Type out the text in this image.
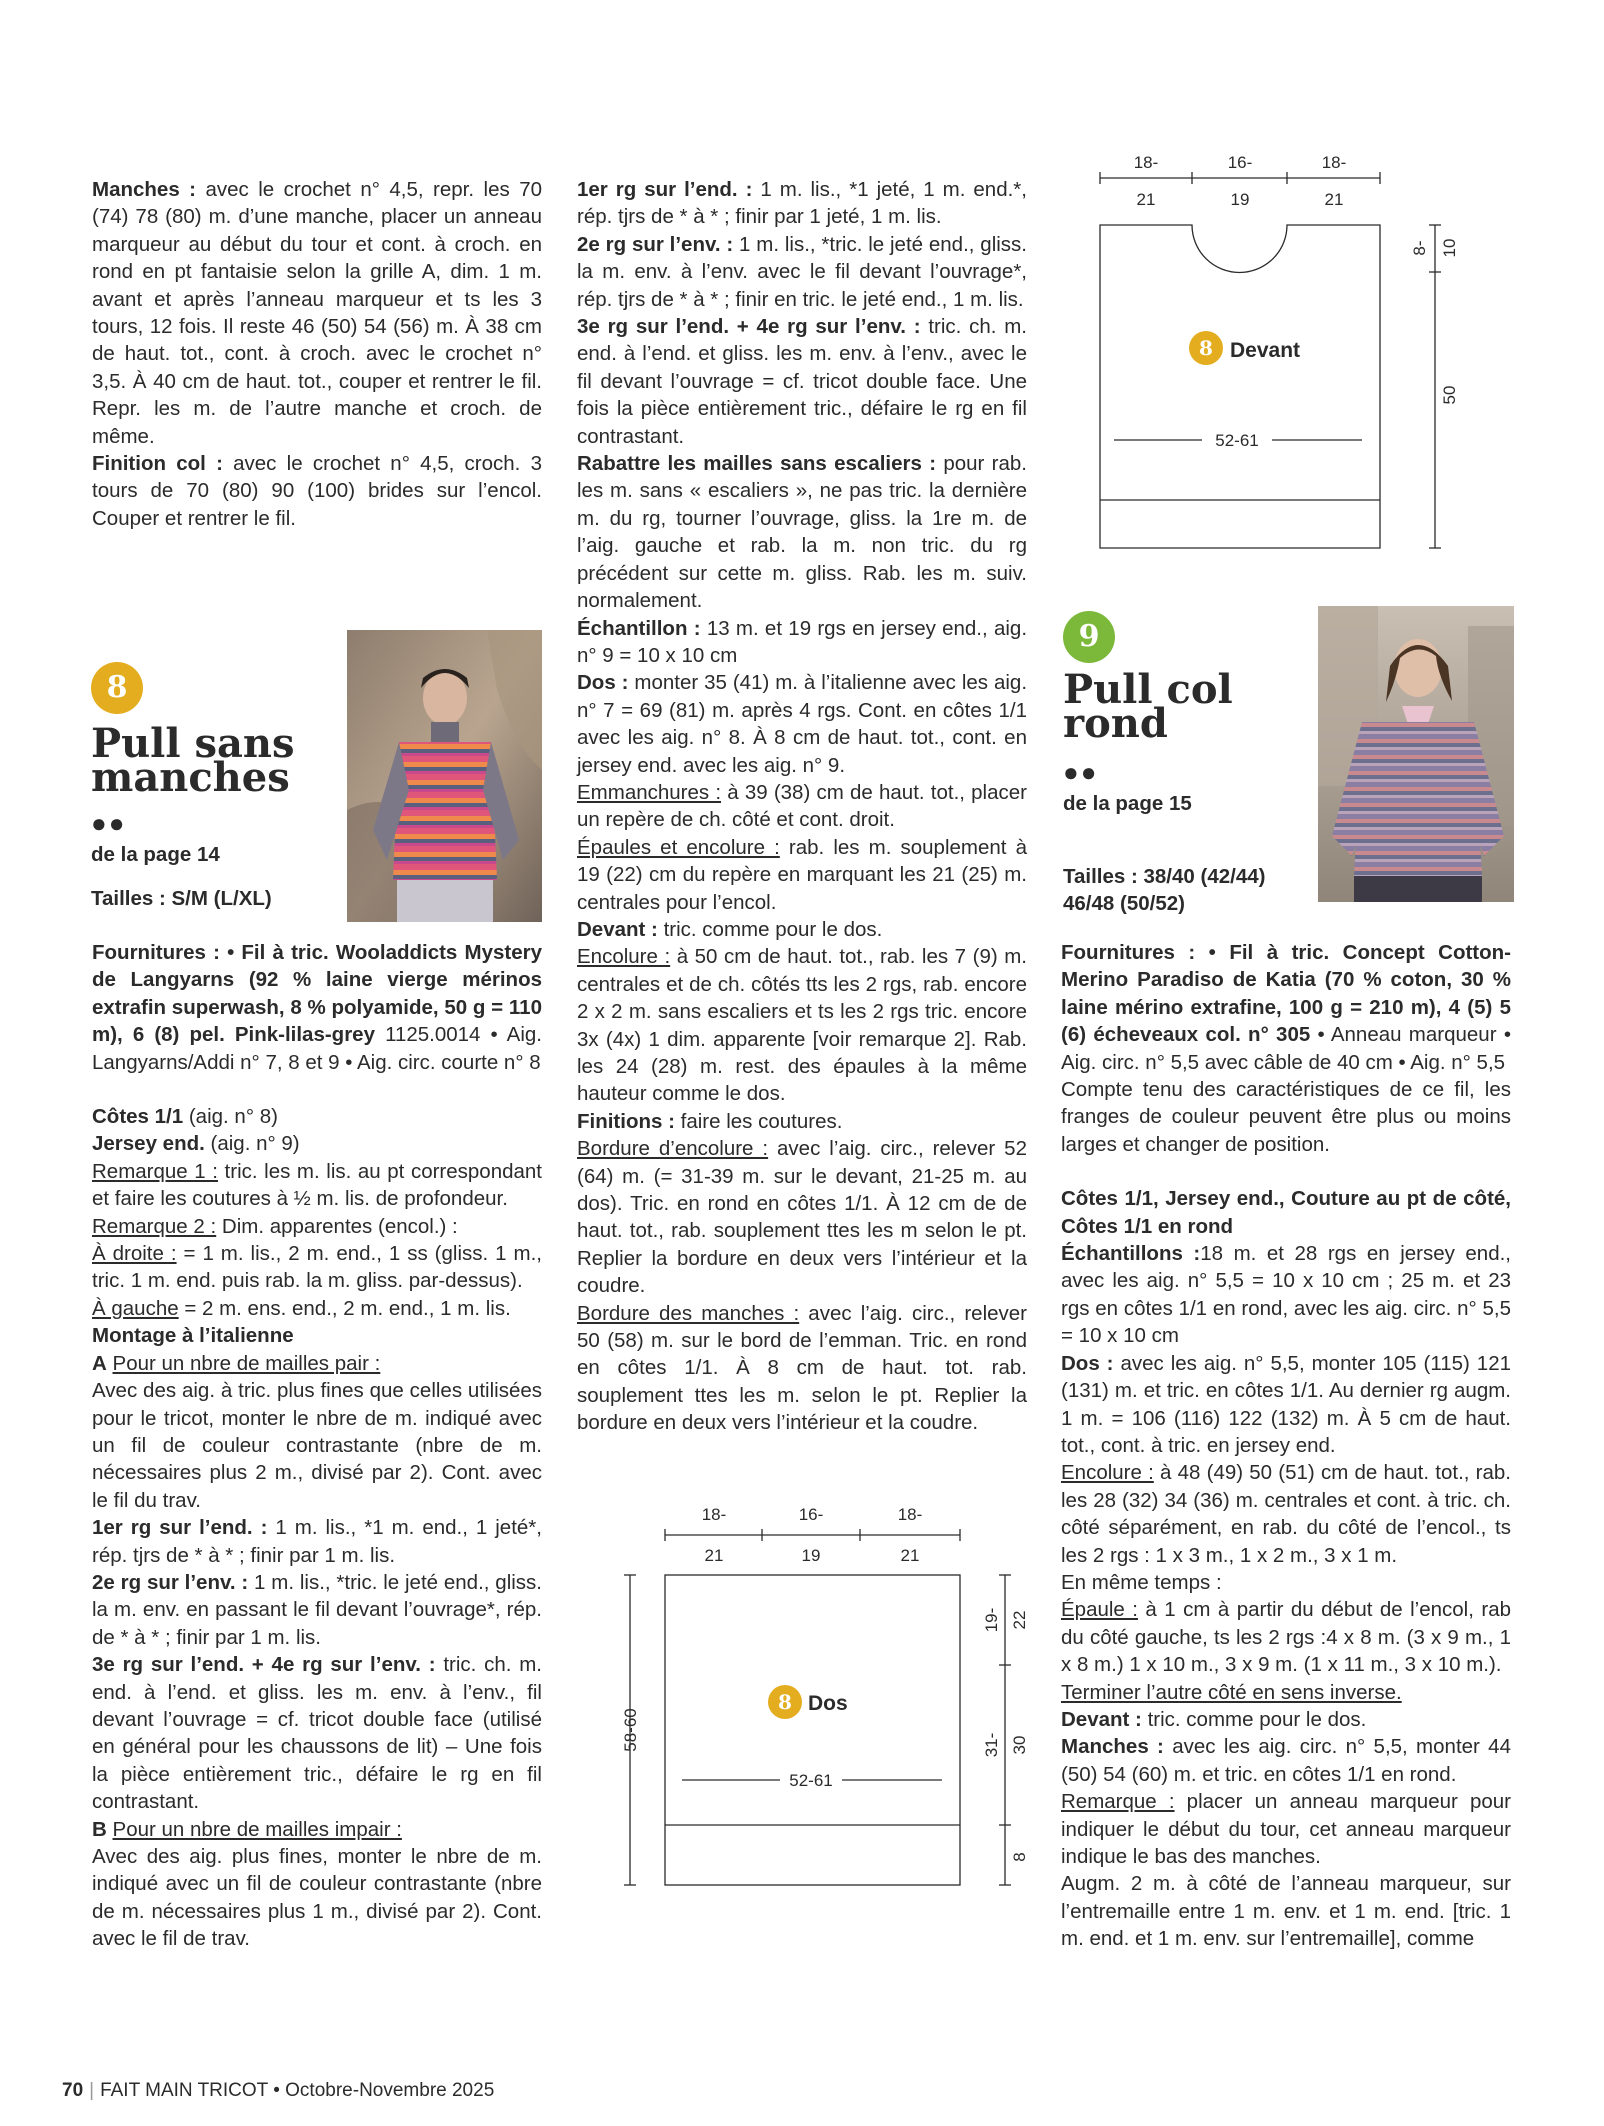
Manches : avec le crochet n° 4,5, repr. les 70 (74) 78 (80) m. d’une manche, placer un anneau marqueur au début du tour et cont. à croch. en rond en pt fantaisie selon la grille A, dim. 1 m. avant et après l’anneau marqueur et ts les 3 tours, 12 fois. Il reste 46 (50) 54 (56) m. À 38 cm de haut. tot., cont. à croch. avec le crochet n° 3,5. À 40 cm de haut. tot., couper et rentrer le fil. Repr. les m. de l’autre manche et croch. de même.

Finition col : avec le crochet n° 4,5, croch. 3 tours de 70 (80) 90 (100) brides sur l’encol. Couper et rentrer le fil.

8
Pull sans
manches
●●
de la page 14
Tailles : S/M (L/XL)

Fournitures : • Fil à tric. Wooladdicts Mystery de Langyarns (92 % laine vierge mérinos extrafin superwash, 8 % polyamide, 50 g = 110 m), 6 (8) pel. Pink-lilas-grey 1125.0014 • Aig. Langyarns/Addi n° 7, 8 et 9 • Aig. circ. courte n° 8

Côtes 1/1 (aig. n° 8)

Jersey end. (aig. n° 9)

Remarque 1 : tric. les m. lis. au pt correspondant et faire les coutures à ½ m. lis. de profondeur.

Remarque 2 : Dim. apparentes (encol.) :

À droite : = 1 m. lis., 2 m. end., 1 ss (gliss. 1 m., tric. 1 m. end. puis rab. la m. gliss. par-dessus).

À gauche = 2 m. ens. end., 2 m. end., 1 m. lis.

Montage à l’italienne

A Pour un nbre de mailles pair :

Avec des aig. à tric. plus fines que celles utilisées pour le tricot, monter le nbre de m. indiqué avec un fil de couleur contrastante (nbre de m. nécessaires plus 2 m., divisé par 2). Cont. avec le fil du trav.

1er rg sur l’end. : 1 m. lis., *1 m. end., 1 jeté*, rép. tjrs de * à * ; finir par 1 m. lis.

2e rg sur l’env. : 1 m. lis., *tric. le jeté end., gliss. la m. env. en passant le fil devant l’ouvrage*, rép. de * à * ; finir par 1 m. lis.

3e rg sur l’end. + 4e rg sur l’env. : tric. ch. m. end. à l’end. et gliss. les m. env. à l’env., fil devant l’ouvrage = cf. tricot double face (utilisé en général pour les chaussons de lit) – Une fois la pièce entièrement tric., défaire le rg en fil contrastant.

B Pour un nbre de mailles impair :

Avec des aig. plus fines, monter le nbre de m. indiqué avec un fil de couleur contrastante (nbre de m. nécessaires plus 1 m., divisé par 2). Cont. avec le fil de trav.

1er rg sur l’end. : 1 m. lis., *1 jeté, 1 m. end.*, rép. tjrs de * à * ; finir par 1 jeté, 1 m. lis.

2e rg sur l’env. : 1 m. lis., *tric. le jeté end., gliss. la m. env. à l’env. avec le fil devant l’ouvrage*, rép. tjrs de * à * ; finir en tric. le jeté end., 1 m. lis.

3e rg sur l’end. + 4e rg sur l’env. : tric. ch. m. end. à l’end. et gliss. les m. env. à l’env., avec le fil devant l’ouvrage = cf. tricot double face. Une fois la pièce entièrement tric., défaire le rg en fil contrastant.

Rabattre les mailles sans escaliers : pour rab. les m. sans « escaliers », ne pas tric. la dernière m. du rg, tourner l’ouvrage, gliss. la 1re m. de l’aig. gauche et rab. la m. non tric. du rg précédent sur cette m. gliss. Rab. les m. suiv. normalement.

Échantillon : 13 m. et 19 rgs en jersey end., aig. n° 9 = 10 x 10 cm

Dos : monter 35 (41) m. à l’italienne avec les aig. n° 7 = 69 (81) m. après 4 rgs. Cont. en côtes 1/1 avec les aig. n° 8. À 8 cm de haut. tot., cont. en jersey end. avec les aig. n° 9.

Emmanchures : à 39 (38) cm de haut. tot., placer un repère de ch. côté et cont. droit.

Épaules et encolure : rab. les m. souplement à 19 (22) cm du repère en marquant les 21 (25) m. centrales pour l’encol.

Devant : tric. comme pour le dos.

Encolure : à 50 cm de haut. tot., rab. les 7 (9) m. centrales et de ch. côtés tts les 2 rgs, rab. encore 2 x 2 m. sans escaliers et ts les 2 rgs tric. encore 3x (4x) 1 dim. apparente [voir remarque 2]. Rab. les 24 (28) m. rest. des épaules à la même hauteur comme le dos.

Finitions : faire les coutures.

Bordure d’encolure : avec l’aig. circ., relever 52 (64) m. (= 31-39 m. sur le devant, 21-25 m. au dos). Tric. en rond en côtes 1/1. À 12 cm de de haut. tot., rab. souplement ttes les m selon le pt. Replier la bordure en deux vers l’intérieur et la coudre.

Bordure des manches : avec l’aig. circ., relever 50 (58) m. sur le bord de l’emman. Tric. en rond en côtes 1/1. À 8 cm de haut. tot. rab. souplement ttes les m. selon le pt. Replier la bordure en deux vers l’intérieur et la coudre.

18-
21
16-
19
18-
21
52-61
58-60
19- 22
31- 30
8
8 Dos
18-
21
16-
19
18-
21
52-61
8- 10
50
8 Devant
9
Pull col
rond
●●
de la page 15
Tailles : 38/40 (42/44) 46/48 (50/52)

Fournitures : • Fil à tric. Concept Cotton-Merino Paradiso de Katia (70 % coton, 30 % laine mérino extrafine, 100 g = 210 m), 4 (5) 5 (6) écheveaux col. n° 305 • Anneau marqueur • Aig. circ. n° 5,5 avec câble de 40 cm • Aig. n° 5,5

Compte tenu des caractéristiques de ce fil, les franges de couleur peuvent être plus ou moins larges et changer de position.

Côtes 1/1, Jersey end., Couture au pt de côté, Côtes 1/1 en rond

Échantillons :18 m. et 28 rgs en jersey end., avec les aig. n° 5,5 = 10 x 10 cm ; 25 m. et 23 rgs en côtes 1/1 en rond, avec les aig. circ. n° 5,5 = 10 x 10 cm

Dos : avec les aig. n° 5,5, monter 105 (115) 121 (131) m. et tric. en côtes 1/1. Au dernier rg augm. 1 m. = 106 (116) 122 (132) m. À 5 cm de haut. tot., cont. à tric. en jersey end.

Encolure : à 48 (49) 50 (51) cm de haut. tot., rab. les 28 (32) 34 (36) m. centrales et cont. à tric. ch. côté séparément, en rab. du côté de l’encol., ts les 2 rgs : 1 x 3 m., 1 x 2 m., 3 x 1 m.

En même temps :

Épaule : à 1 cm à partir du début de l’encol, rab du côté gauche, ts les 2 rgs :4 x 8 m. (3 x 9 m., 1 x 8 m.) 1 x 10 m., 3 x 9 m. (1 x 11 m., 3 x 10 m.).

Terminer l’autre côté en sens inverse.

Devant : tric. comme pour le dos.

Manches : avec les aig. circ. n° 5,5, monter 44 (50) 54 (60) m. et tric. en côtes 1/1 en rond.

Remarque : placer un anneau marqueur pour indiquer le début du tour, cet anneau marqueur indique le bas des manches.

Augm. 2 m. à côté de l’anneau marqueur, sur l’entremaille entre 1 m. env. et 1 m. end. [tric. 1 m. end. et 1 m. env. sur l’entremaille], comme

70 | FAIT MAIN TRICOT • Octobre-Novembre 2025
